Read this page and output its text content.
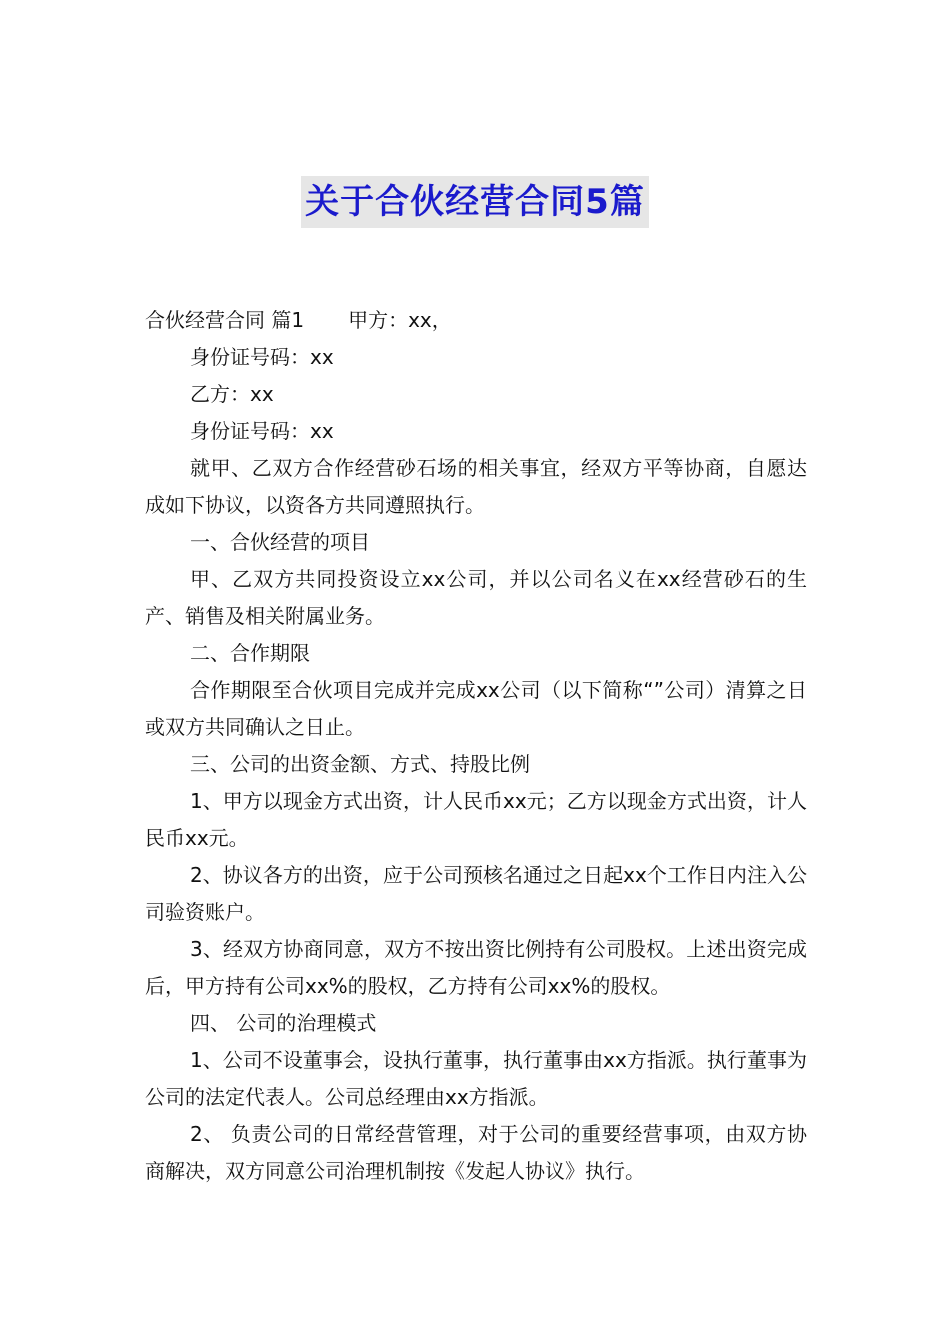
关于合伙经营合同5篇

合伙经营合同 篇1 甲方：xx，

身份证号码：xx

乙方：xx

身份证号码：xx

就甲、乙双方合作经营砂石场的相关事宜，经双方平等协商，自愿达成如下协议，以资各方共同遵照执行。

一、合伙经营的项目

甲、乙双方共同投资设立xx公司，并以公司名义在xx经营砂石的生产、销售及相关附属业务。

二、合作期限

合作期限至合伙项目完成并完成xx公司（以下简称“”公司）清算之日或双方共同确认之日止。

三、公司的出资金额、方式、持股比例

1、甲方以现金方式出资，计人民币xx元；乙方以现金方式出资，计人民币xx元。

2、协议各方的出资，应于公司预核名通过之日起xx个工作日内注入公司验资账户。

3、经双方协商同意，双方不按出资比例持有公司股权。上述出资完成后，甲方持有公司xx%的股权，乙方持有公司xx%的股权。

四、 公司的治理模式

1、公司不设董事会，设执行董事，执行董事由xx方指派。执行董事为公司的法定代表人。公司总经理由xx方指派。

2、 负责公司的日常经营管理，对于公司的重要经营事项，由双方协商解决，双方同意公司治理机制按《发起人协议》执行。
